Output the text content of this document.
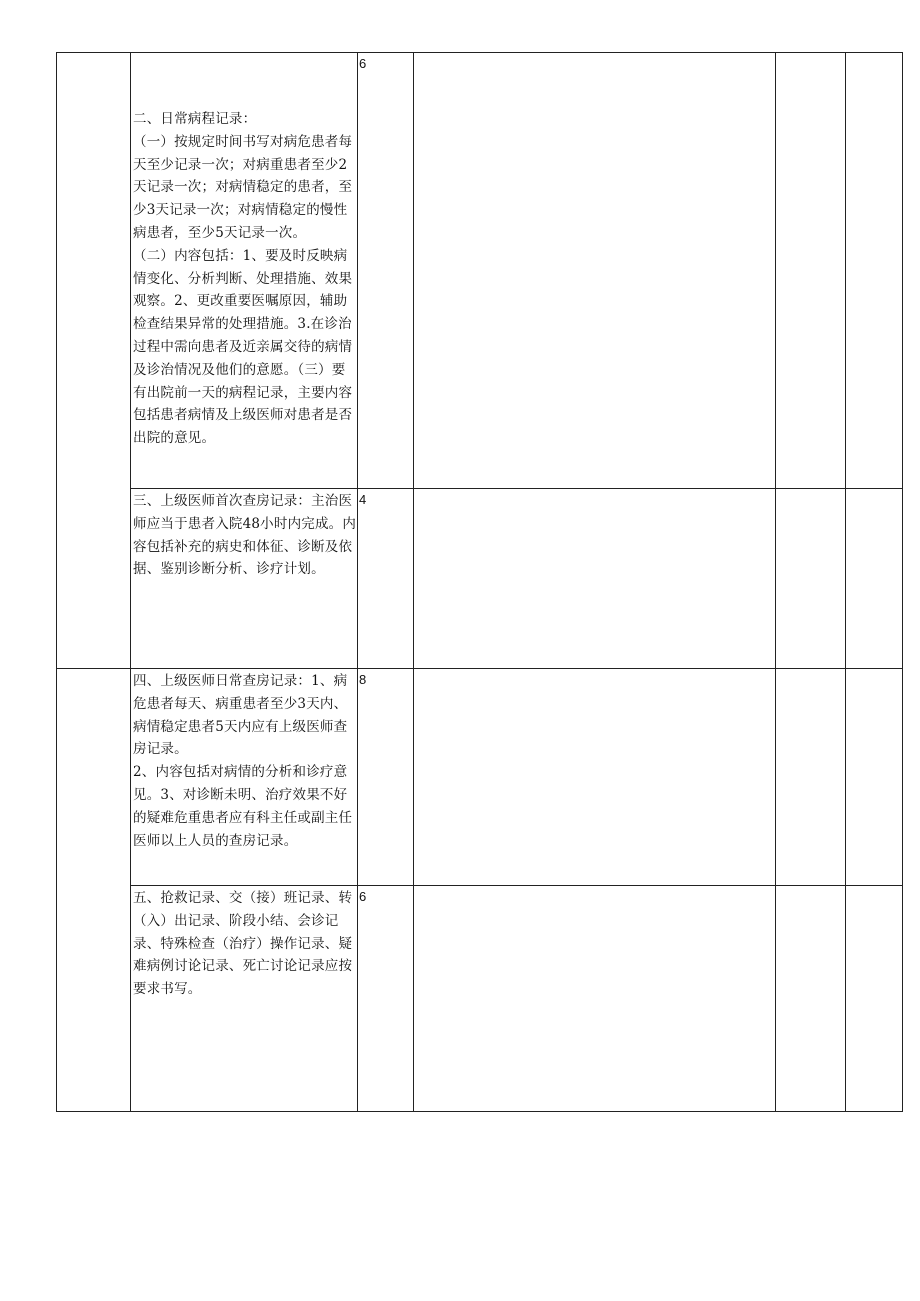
	二、日常病程记录：

（一）按规定时间书写对病危患者每天至少记录一次；对病重患者至少2天记录一次；对病情稳定的患者，至少3天记录一次；对病情稳定的慢性病患者，至少5天记录一次。

（二）内容包括：1、要及时反映病情变化、分析判断、处理措施、效果观察。2、更改重要医嘱原因，辅助检查结果异常的处理措施。3.在诊治过程中需向患者及近亲属交待的病情及诊治情况及他们的意愿。（三）要有出院前一天的病程记录，主要内容包括患者病情及上级医师对患者是否出院的意见。	6			

	三、上级医师首次查房记录：主治医师应当于患者入院48小时内完成。内容包括补充的病史和体征、诊断及依据、鉴别诊断分析、诊疗计划。	4			

	四、上级医师日常查房记录：1、病危患者每天、病重患者至少3天内、病情稳定患者5天内应有上级医师查房记录。

2、内容包括对病情的分析和诊疗意见。3、对诊断未明、治疗效果不好的疑难危重患者应有科主任或副主任医师以上人员的查房记录。	8			

	五、抢救记录、交（接）班记录、转（入）出记录、阶段小结、会诊记录、特殊检查（治疗）操作记录、疑难病例讨论记录、死亡讨论记录应按要求书写。	6			
